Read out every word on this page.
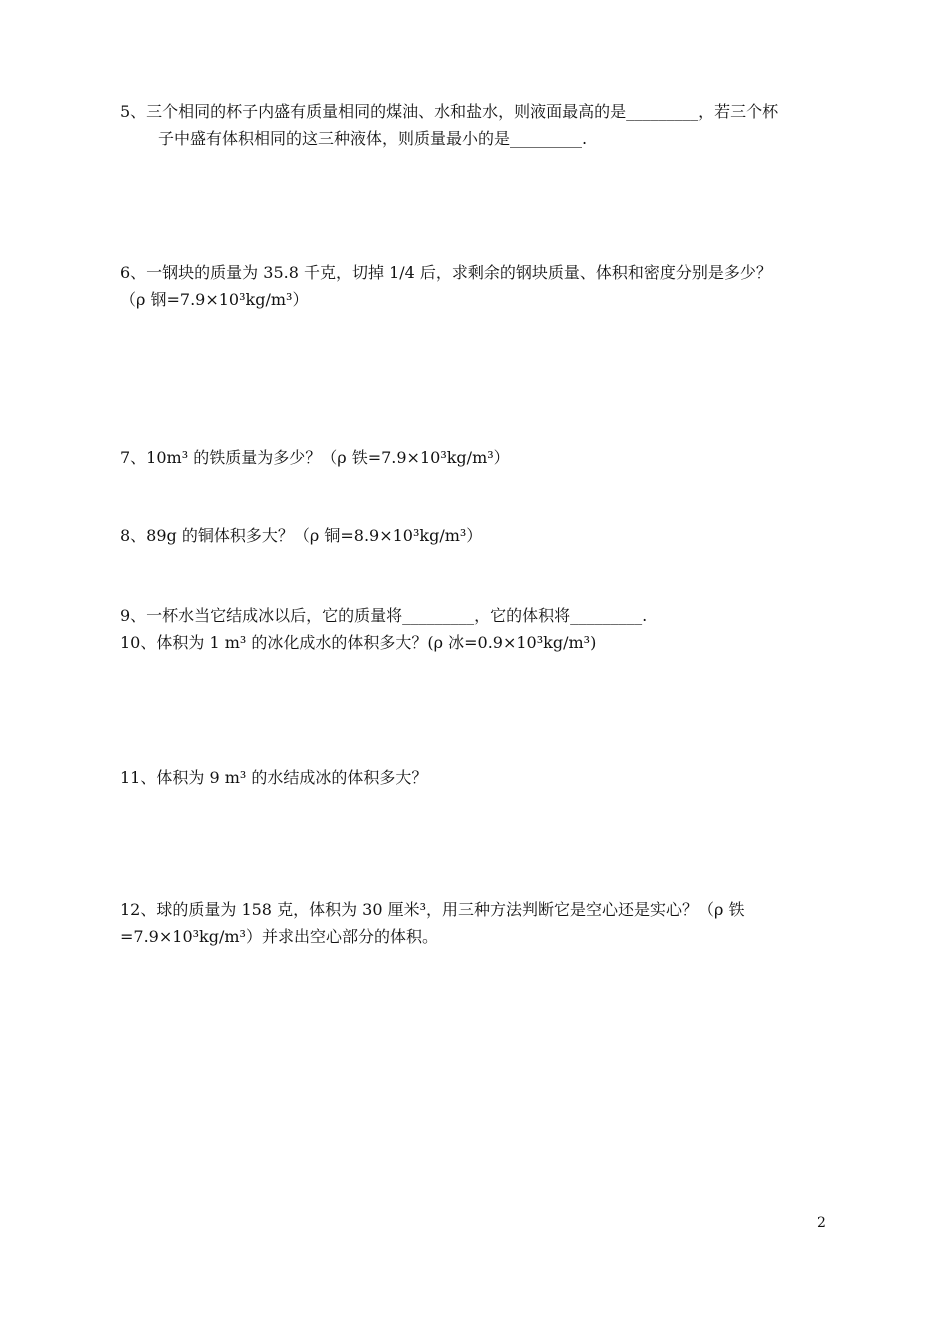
5、三个相同的杯子内盛有质量相同的煤油、水和盐水，则液面最高的是_________，若三个杯
子中盛有体积相同的这三种液体，则质量最小的是_________.

6、一钢块的质量为 35.8 千克，切掉 1/4 后，求剩余的钢块质量、体积和密度分别是多少？
（ρ 钢=7.9×10³kg/m³）

7、10m³ 的铁质量为多少？（ρ 铁=7.9×10³kg/m³）

8、89g 的铜体积多大？（ρ 铜=8.9×10³kg/m³）

9、一杯水当它结成冰以后，它的质量将_________，它的体积将_________.

10、体积为 1 m³ 的冰化成水的体积多大？(ρ 冰=0.9×10³kg/m³)

11、体积为 9 m³ 的水结成冰的体积多大？

12、球的质量为 158 克，体积为 30 厘米³，用三种方法判断它是空心还是实心？（ρ 铁
=7.9×10³kg/m³）并求出空心部分的体积。

2
